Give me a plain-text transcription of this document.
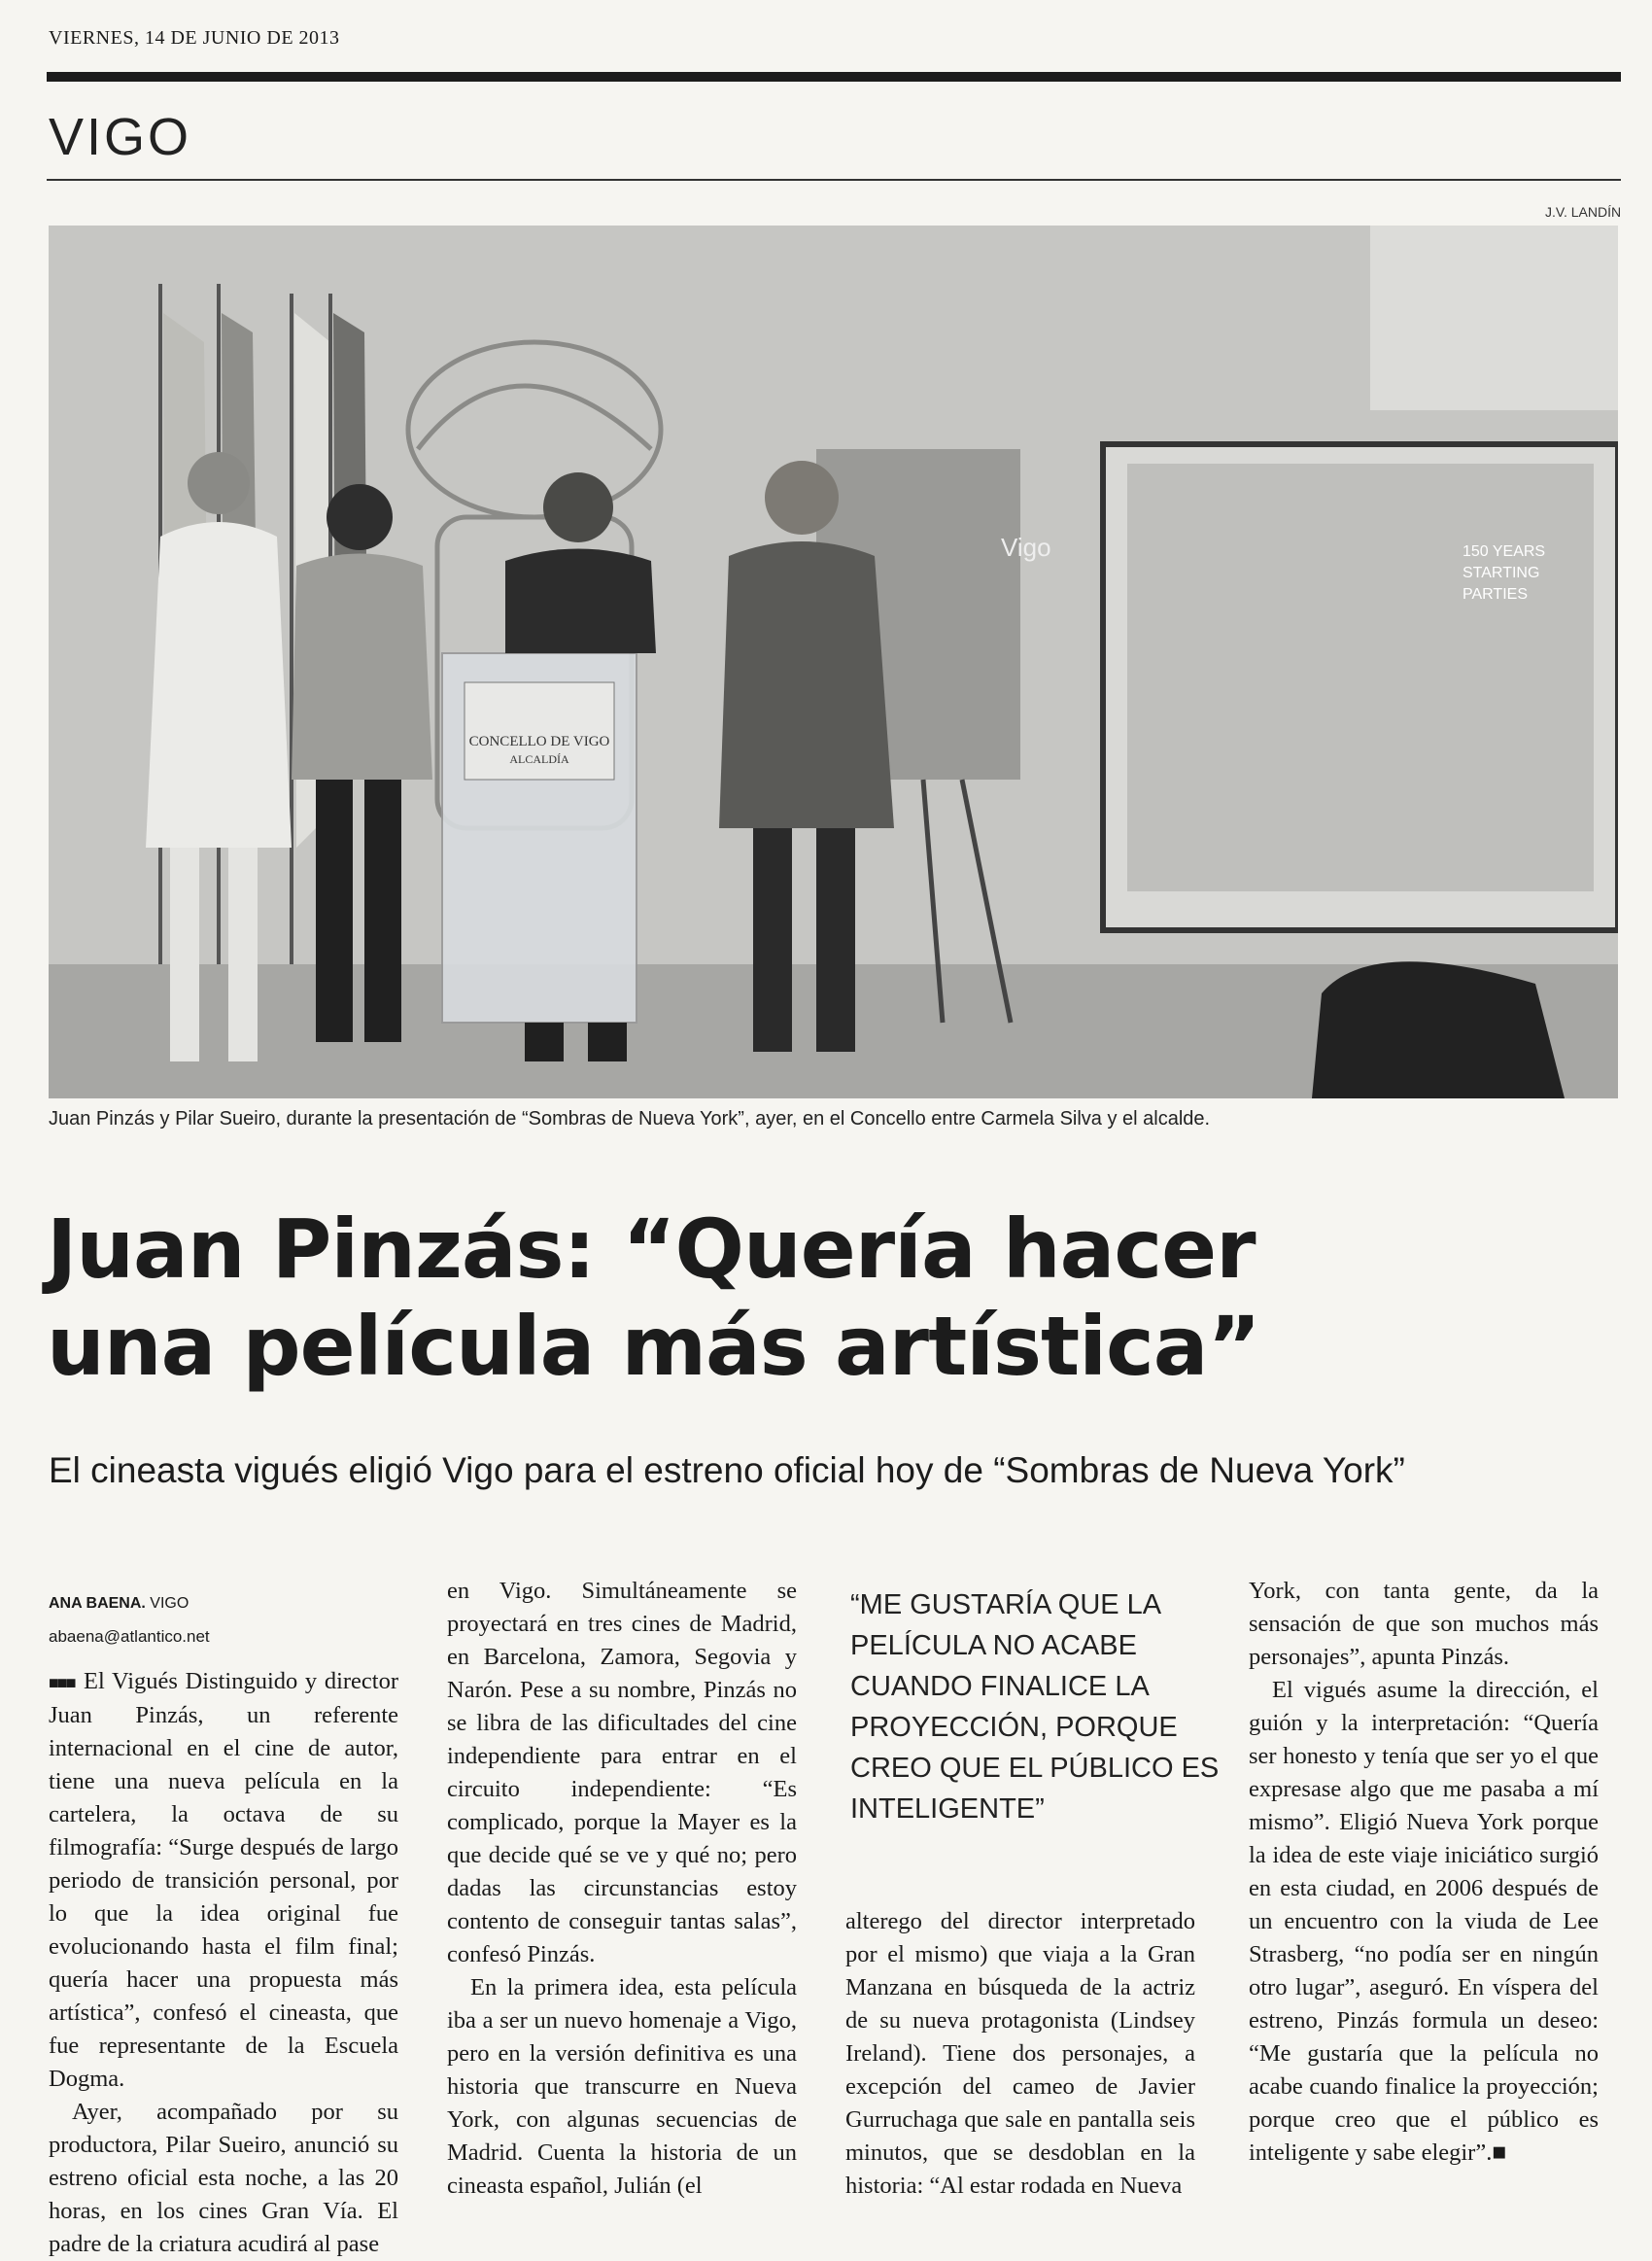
VIERNES, 14 DE JUNIO DE 2013
VIGO
J.V. LANDÍN
Vigo	150 YEARS
STARTING
PARTIES
CONCELLO DE VIGO
ALCALDÍA
Juan Pinzás y Pilar Sueiro, durante la presentación de “Sombras de Nueva York”, ayer, en el Concello entre Carmela Silva y el alcalde.
Juan Pinzás: “Quería hacer
una película más artística”
El cineasta vigués eligió Vigo para el estreno oficial hoy de “Sombras de Nueva York”
ANA BAENA. VIGO
abaena@atlantico.net

■■■ El Vigués Distinguido y director Juan Pinzás, un referente internacional en el cine de autor, tiene una nueva película en la cartelera, la octava de su filmografía: “Surge después de largo periodo de transición personal, por lo que la idea original fue evolucionando hasta el film final; quería hacer una propuesta más artística”, confesó el cineasta, que fue representante de la Escuela Dogma.

Ayer, acompañado por su productora, Pilar Sueiro, anunció su estreno oficial esta noche, a las 20 horas, en los cines Gran Vía. El padre de la criatura acudirá al pase

en Vigo. Simultáneamente se proyectará en tres cines de Madrid, en Barcelona, Zamora, Segovia y Narón. Pese a su nombre, Pinzás no se libra de las dificultades del cine independiente para entrar en el circuito independiente: “Es complicado, porque la Mayer es la que decide qué se ve y qué no; pero dadas las circunstancias estoy contento de conseguir tantas salas”, confesó Pinzás.

En la primera idea, esta película iba a ser un nuevo homenaje a Vigo, pero en la versión definitiva es una historia que transcurre en Nueva York, con algunas secuencias de Madrid. Cuenta la historia de un cineasta español, Julián (el

“ME GUSTARÍA QUE LA PELÍCULA NO ACABE CUANDO FINALICE LA PROYECCIÓN, PORQUE CREO QUE EL PÚBLICO ES INTELIGENTE”

alterego del director interpretado por el mismo) que viaja a la Gran Manzana en búsqueda de la actriz de su nueva protagonista (Lindsey Ireland). Tiene dos personajes, a excepción del cameo de Javier Gurruchaga que sale en pantalla seis minutos, que se desdoblan en la historia: “Al estar rodada en Nueva

York, con tanta gente, da la sensación de que son muchos más personajes”, apunta Pinzás.

El vigués asume la dirección, el guión y la interpretación: “Quería ser honesto y tenía que ser yo el que expresase algo que me pasaba a mí mismo”. Eligió Nueva York porque la idea de este viaje iniciático surgió en esta ciudad, en 2006 después de un encuentro con la viuda de Lee Strasberg, “no podía ser en ningún otro lugar”, aseguró. En víspera del estreno, Pinzás formula un deseo: “Me gustaría que la película no acabe cuando finalice la proyección; porque creo que el público es inteligente y sabe elegir”.■
